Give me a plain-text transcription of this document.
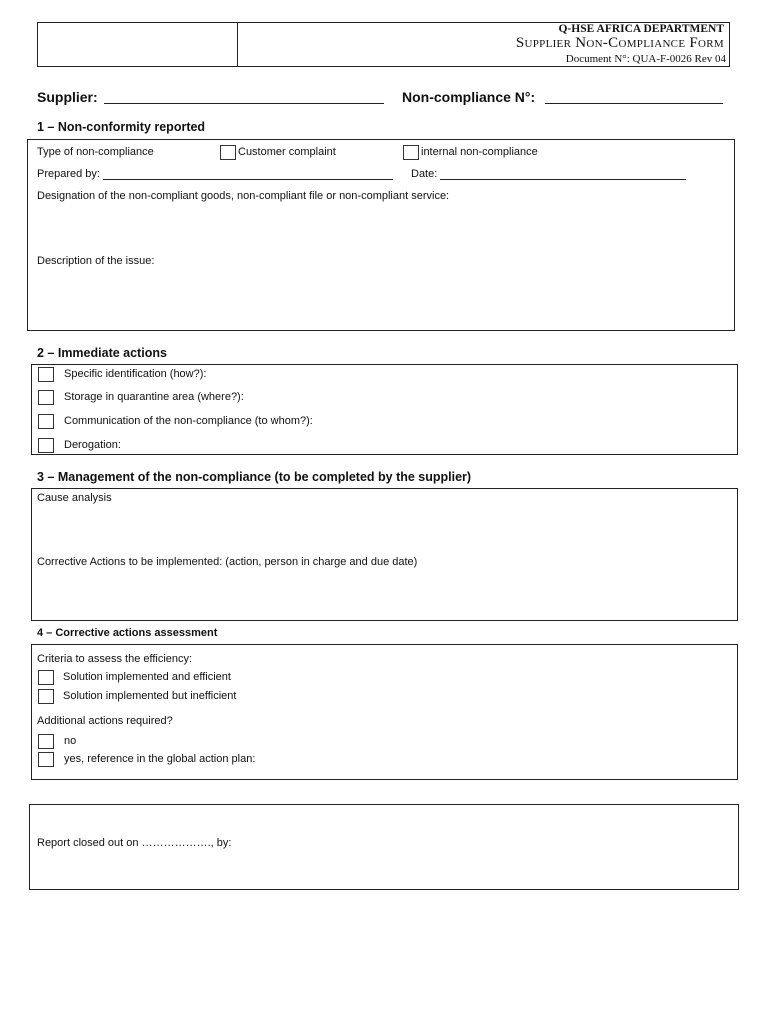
Q-HSE AFRICA DEPARTMENT
Supplier Non-Compliance Form
Document N°: QUA-F-0026 Rev 04
Supplier:	Non-compliance N°:
1 – Non-conformity reported
Type of non-compliance	Customer complaint	internal non-compliance
Prepared by:	Date:
Designation of the non-compliant goods, non-compliant file or non-compliant service:
Description of the issue:
2 – Immediate actions
Specific identification (how?):
Storage in quarantine area (where?):
Communication of the non-compliance (to whom?):
Derogation:
3 – Management of the non-compliance (to be completed by the supplier)
Cause analysis
Corrective Actions to be implemented: (action, person in charge and due date)
4 – Corrective actions assessment
Criteria to assess the efficiency:
Solution implemented and efficient
Solution implemented but inefficient
Additional actions required?
no
yes, reference in the global action plan:
Report closed out on ………………., by:
